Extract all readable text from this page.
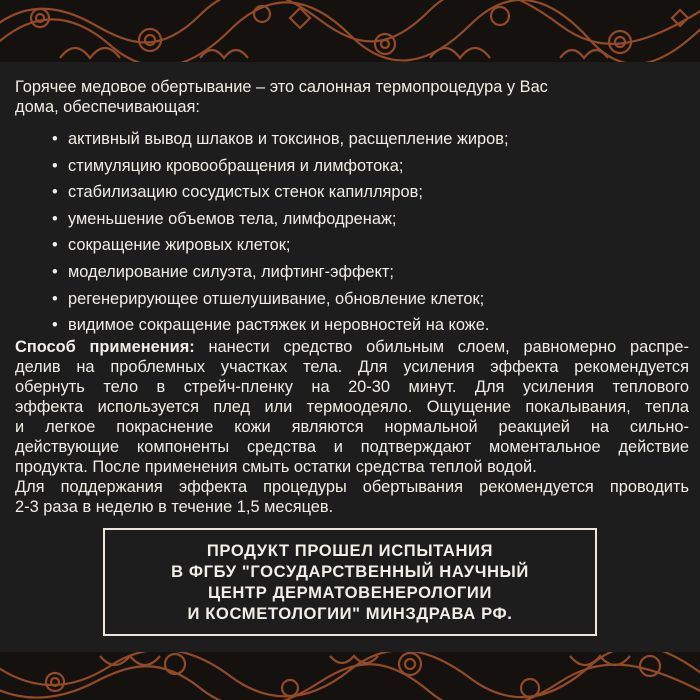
Горячее медовое обертывание – это салонная термопроцедура у Вас
дома, обеспечивающая:

• активный вывод шлаков и токсинов, расщепление жиров;
• стимуляцию кровообращения и лимфотока;
• стабилизацию сосудистых стенок капилляров;
• уменьшение объемов тела, лимфодренаж;
• сокращение жировых клеток;
• моделирование силуэта, лифтинг-эффект;
• регенерирующее отшелушивание, обновление клеток;
• видимое сокращение растяжек и неровностей на коже.
Способ применения: нанести средство обильным слоем, равномерно распре-
делив на проблемных участках тела. Для усиления эффекта рекомендуется
обернуть тело в стрейч-пленку на 20-30 минут. Для усиления теплового
эффекта используется плед или термоодеяло. Ощущение покалывания, тепла
и легкое покраснение кожи являются нормальной реакцией на сильно-
действующие компоненты средства и подтверждают моментальное действие
продукта. После применения смыть остатки средства теплой водой.
Для поддержания эффекта процедуры обертывания рекомендуется проводить
2-3 раза в неделю в течение 1,5 месяцев.
ПРОДУКТ ПРОШЕЛ ИСПЫТАНИЯ
В ФГБУ "ГОСУДАРСТВЕННЫЙ НАУЧНЫЙ
ЦЕНТР ДЕРМАТОВЕНЕРОЛОГИИ
И КОСМЕТОЛОГИИ" МИНЗДРАВА РФ.
